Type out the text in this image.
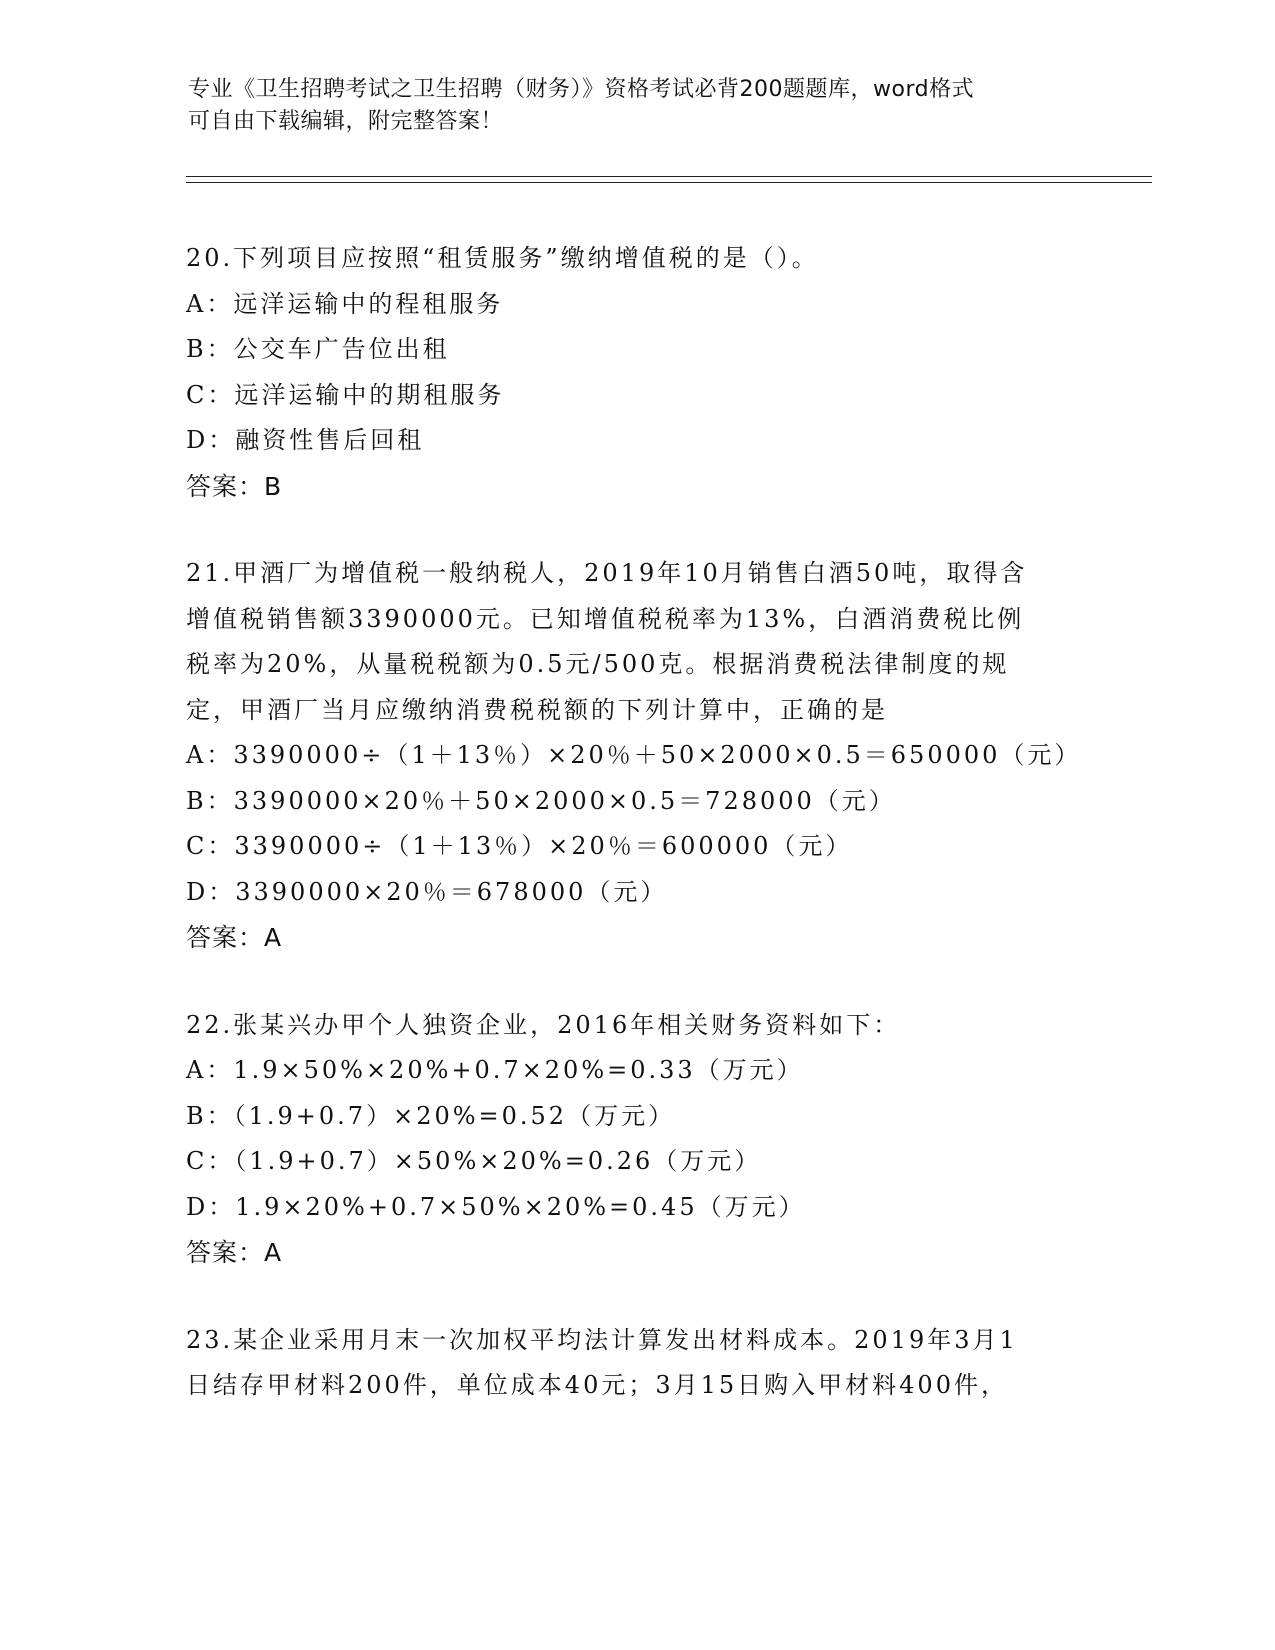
专业《卫生招聘考试之卫生招聘（财务）》资格考试必背200题题库，word格式
可自由下载编辑，附完整答案！
20.下列项目应按照“租赁服务”缴纳增值税的是（）。
A：远洋运输中的程租服务
B：公交车广告位出租
C：远洋运输中的期租服务
D：融资性售后回租
答案：B
21.甲酒厂为增值税一般纳税人，2019年10月销售白酒50吨，取得含
增值税销售额3390000元。已知增值税税率为13%，白酒消费税比例
税率为20%，从量税税额为0.5元/500克。根据消费税法律制度的规
定，甲酒厂当月应缴纳消费税税额的下列计算中，正确的是
A：3390000÷（1＋13％）×20％＋50×2000×0.5＝650000（元）
B：3390000×20％＋50×2000×0.5＝728000（元）
C：3390000÷（1＋13％）×20％＝600000（元）
D：3390000×20％＝678000（元）
答案：A
22.张某兴办甲个人独资企业，2016年相关财务资料如下：
A：1.9×50%×20%+0.7×20%=0.33（万元）
B：（1.9+0.7）×20%=0.52（万元）
C：（1.9+0.7）×50%×20%=0.26（万元）
D：1.9×20%+0.7×50%×20%=0.45（万元）
答案：A
23.某企业采用月末一次加权平均法计算发出材料成本。2019年3月1
日结存甲材料200件，单位成本40元；3月15日购入甲材料400件，
